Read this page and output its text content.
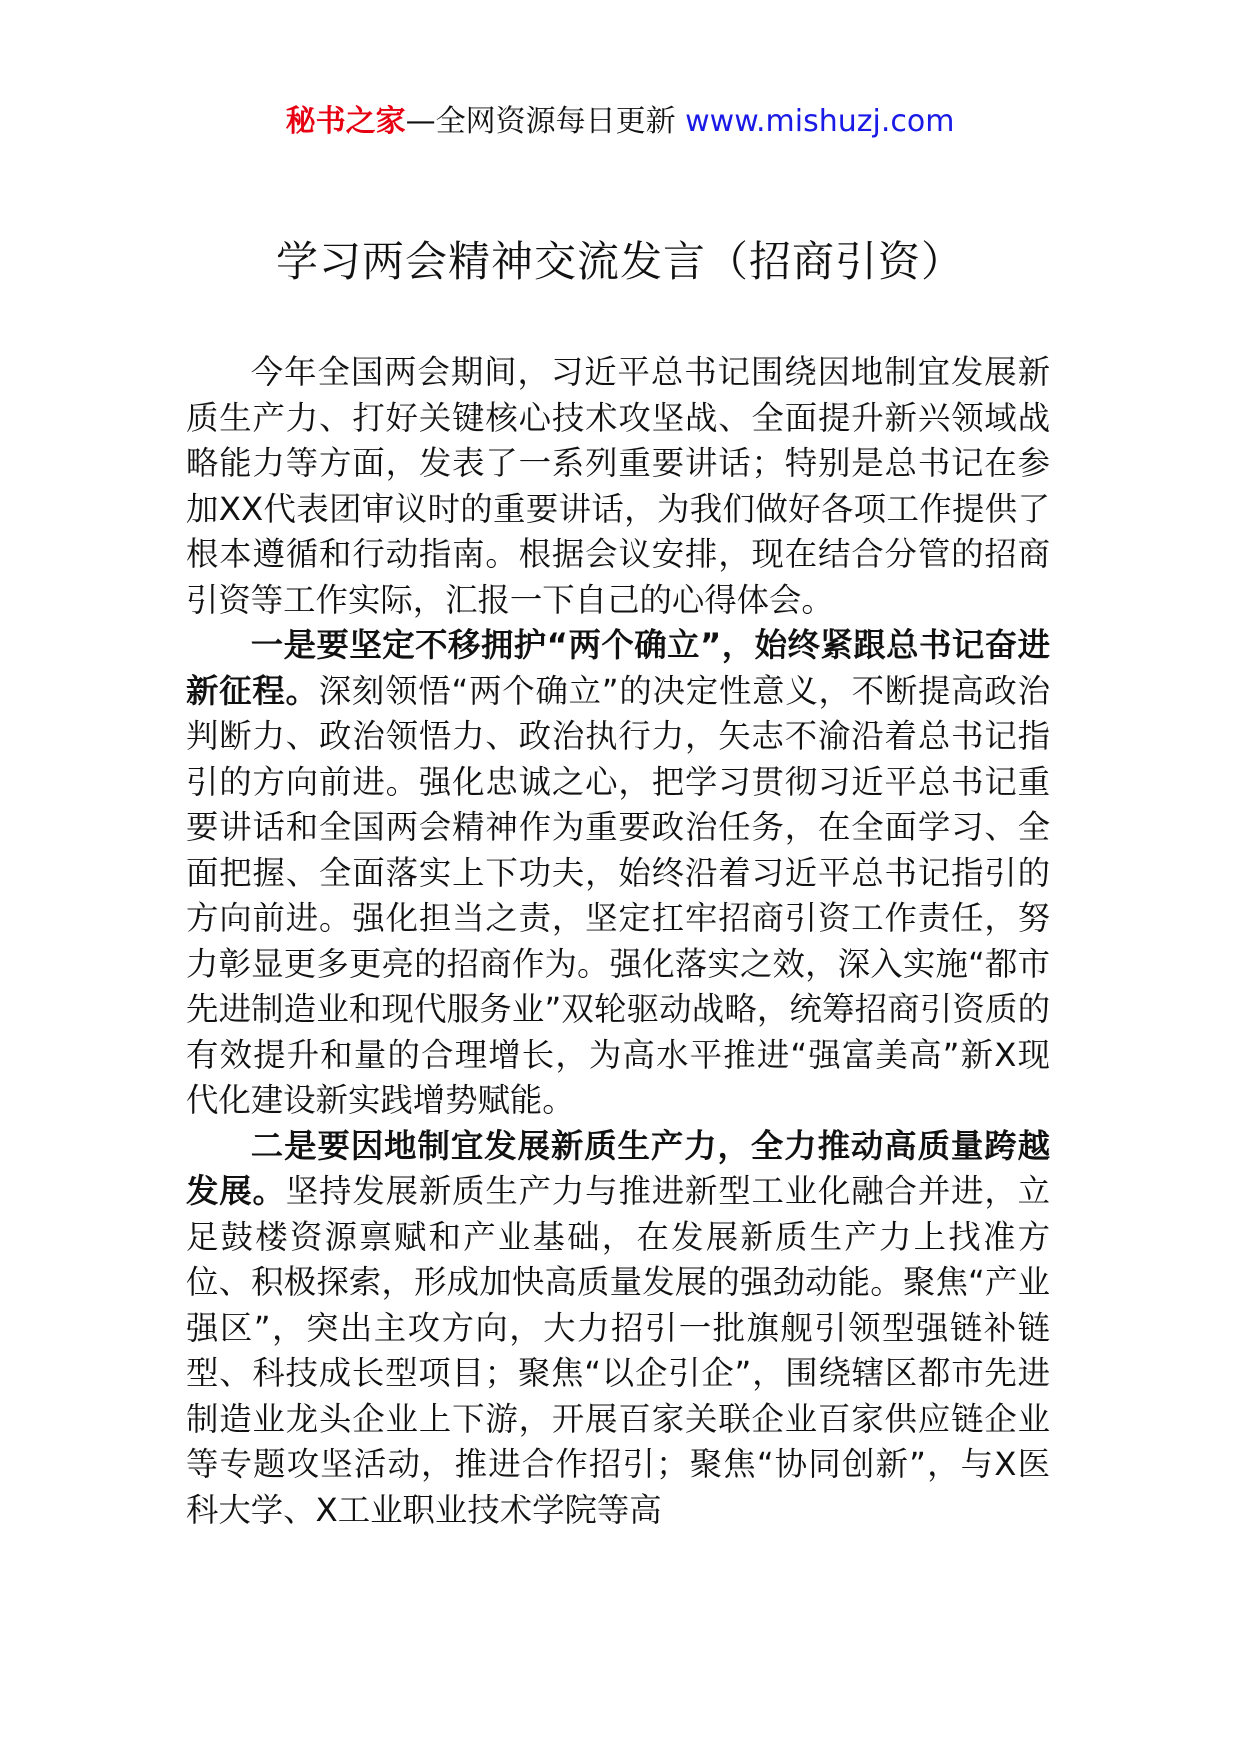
秘书之家—全网资源每日更新 www.mishuzj.com
学习两会精神交流发言（招商引资）

今年全国两会期间，习近平总书记围绕因地制宜发展新质生产力、打好关键核心技术攻坚战、全面提升新兴领域战略能力等方面，发表了一系列重要讲话；特别是总书记在参加XX代表团审议时的重要讲话，为我们做好各项工作提供了根本遵循和行动指南。根据会议安排，现在结合分管的招商引资等工作实际，汇报一下自己的心得体会。

一是要坚定不移拥护“两个确立”，始终紧跟总书记奋进新征程。深刻领悟“两个确立”的决定性意义，不断提高政治判断力、政治领悟力、政治执行力，矢志不渝沿着总书记指引的方向前进。强化忠诚之心，把学习贯彻习近平总书记重要讲话和全国两会精神作为重要政治任务，在全面学习、全面把握、全面落实上下功夫，始终沿着习近平总书记指引的方向前进。强化担当之责，坚定扛牢招商引资工作责任，努力彰显更多更亮的招商作为。强化落实之效，深入实施“都市先进制造业和现代服务业”双轮驱动战略，统筹招商引资质的有效提升和量的合理增长，为高水平推进“强富美高”新X现代化建设新实践增势赋能。

二是要因地制宜发展新质生产力，全力推动高质量跨越发展。坚持发展新质生产力与推进新型工业化融合并进，立足鼓楼资源禀赋和产业基础，在发展新质生产力上找准方位、积极探索，形成加快高质量发展的强劲动能。聚焦“产业强区”，突出主攻方向，大力招引一批旗舰引领型强链补链型、科技成长型项目；聚焦“以企引企”，围绕辖区都市先进制造业龙头企业上下游，开展百家关联企业百家供应链企业等专题攻坚活动，推进合作招引；聚焦“协同创新”，与X医科大学、X工业职业技术学院等高
